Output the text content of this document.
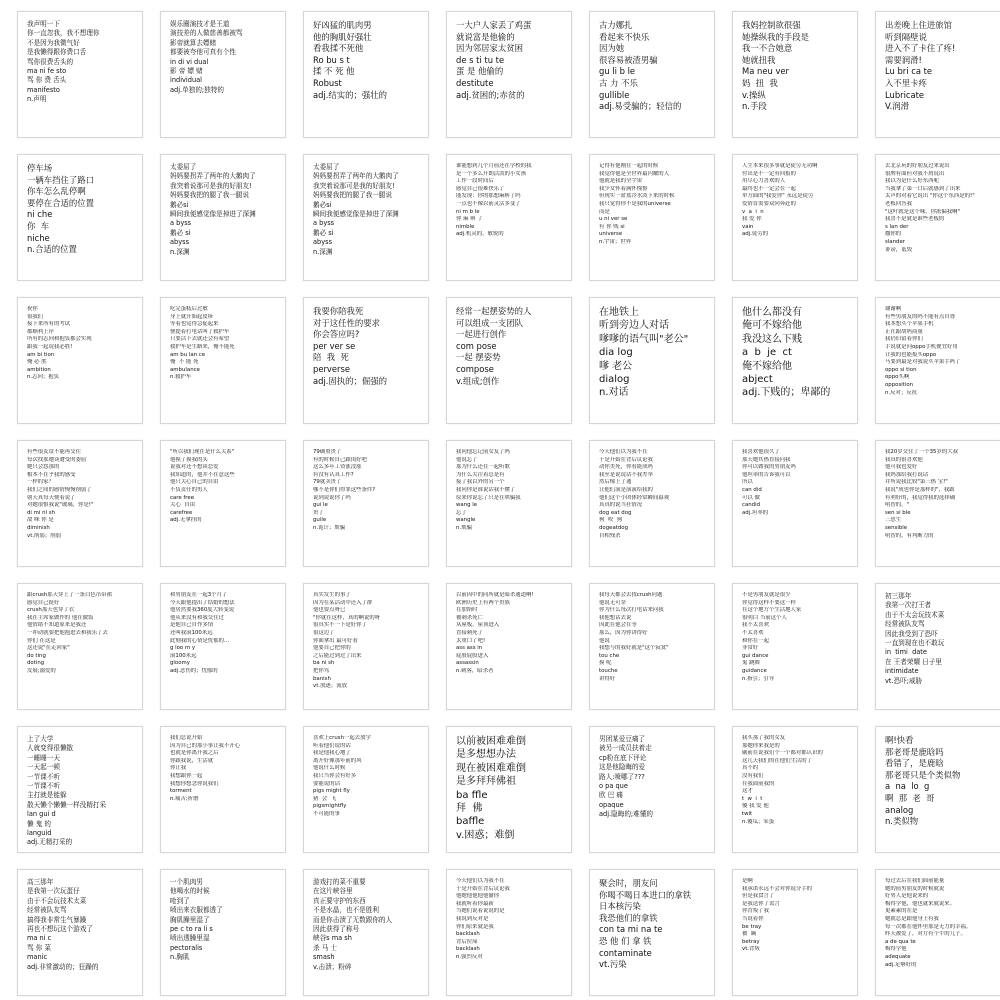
我声明一下
你一直忽我，我不想理你
不是因为我微气好
是我懒得跟你费口舌
骂你很费舌头的
ma ni fe sto
骂 你 费 舌头
manifesto
n.声明
娱乐圈演技才是王道
演技差的人做慈善都被骂
影帝就算去嫖赌
都要被夸他可真有个性
in di vi dual
影 帝 嫖 赌
individual
adj.单独的;独特的
好凶猛的肌肉男
他的胸肌好强壮
看我揉不死他
Ro bu s t
揉 不 死 他
Robust
adj.结实的；强壮的
一大户人家丢了鸡蛋
就说富是他偷的
因为邻居家太贫困
de s ti tu te
蛋 是 他偷的
destitute
adj.贫困的;赤贫的
古力娜扎
看起来不快乐
因为她
很容易被渣男骗
gu li b le
古 力 不乐
gullible
adj.易受骗的；轻信的
我妈控制欲很强
她操纵我的手段是
我一不合她意
她就扭我
Ma neu ver
妈  扭  我
v.操纵
n.手段
出差晚上住进旅馆
听到隔壁说
进入不了卡住了疼!
需要润滑!
Lu bri ca te
入不里卡疼
Lubricate
V.润滑
停车场
一辆车挡住了路口
你车怎么乱停啊
要停在合适的位置
ni che
你  车
niche
n.合适的位置
太委屈了
妈妈要拐弄了两年的大鹅肉了
我突着说那可是我的好朋友!
妈妈要我把的腿了我一腿说
鹅必si
瞬间我便感觉像是掉进了深渊
a byss
鹅必 si
abyss
n.深渊
太委屈了
妈妈要拐弄了两年的大鹅肉了
我突着说那可是我的好朋友!
妈妈要我把的腿了我一腿说
鹅必si
瞬间我便感觉像是掉进了深渊
a byss
鹅必 si
abyss
n.深渊
谁能想到几个月前还在学校的我
是一个多么开朗活泼的小女孩
工作一段时间后
感觉自己很难快乐了
能发现：你的那想麻痹了吗
一点也不像以前灵活多变了
ni m b le
你 麻 痹 了
nimble
adj.机灵的，敏锐的
记得有他刚在一起的时候
我觉得他是全世界最闪耀的人
他就是我的全宇宙
我少女怀着满怀憧憬
但现实一盆盆冷水泼下来的时候
我只觉得你不是我的universe
而是
u ni ver se
有 你 贱 si
universe
n.宇宙；世界
人生本来很多事就是徒劳无功啊
付出是不一定有回报的
用尽心力喜欢的人
最终也不一定会在一起
单方面的"我爱你" 永远是徒劳
爱情首需要双向奔赴的
v  a  i  n
我 爱 你
vain
adj.徒劳的
去北京玩的好朋友过来说出
很牌有面但对我不屑说出
我以为是什么好东西呢
当我拿了第一口后就感到了出来
太声的对着它说出 "你这个东西是的!"
老板回答我
"这叶就是这个味，你派偏我啊"
我喜不是就是谁些老板的
s lan der
撒你的
slander
诽谤，诋毁
祝你
很我们
接下来所有的考试
都顺利上岸
所有的志向和抱负都会实现
跟我一起说我必胜!
am bi tion
俺 必 胜
ambition
n.志向；抱负
吃完蛋糕后过敏
身上就开始起皮疹
等着也觉得急促起来
便提着打电话叫了救护车
只要活下去就还会有希望
救护车是生路来，俺不能死
am bu lan ce
俺  不 能 死
ambulance
n.救护车
我要你陪我死
对于这任性的要求
你会答应吗?
per ver se
陪  我  死
perverse
adj.固执的；倔强的
经常一起摆姿势的人
可以组成一支团队
一起进行创作
com pose
一起 摆姿势
compose
v.组成;创作
在地铁上
听到旁边人对话
嗲嗲的语气叫"老公"
dia log
嗲 老公
dialog
n.对话
他什么都没有
俺可不嫁给他
我没这么下贱
a  b  je  ct
俺不嫁给他
abject
adj.下贱的；卑鄙的
谢谢啊
有些男朋友的吗不能有点自尊
我本想买个苹果手机
正在跟胡妈商量
我仍旧留着你们
手说就是问oppo手机便宜好用
让我的也能报买oppo
马要到最是对我说买苹果手吗了
oppo si tion
oppo买啊
opposition
n.反对；反抗
有些很友谊不能再交往
每次找那她谈遭受的委屈
她只会怨那的
根本不在乎我的感受
一样的家？
我们之间的感情慢慢削弱了
朝天真每天便着说了
对她很恨我说"玻璃，你是!"
di mi ni sh
敌 咪 你 是
diminish
vt.削弱；削弱
"所以我们现在是什么关系"
他摸了摸我的头
说我对还不想谈恋爱
我知道的，他并不在意这些
他只关心自己的自由
不负责任的男人
care free
关心  自由
carefree
adj.无拿挂的
79确重贵了
有的时候自己跟闺好吧
这么多年工资涨没涨
有没有认真工作?
79就卖贵了
哪不是你们得罪这些条件?
说到说说你了吗
gui le
贵了
guile
n.诡计；欺骗
我问他忘记前女友了吗
他说忘了
那为什么还在一起听歌
为什么关注着总是有
接了我以外的另一个
我问你是谁说话我不懂了
原来你说忘了只是在哄骗我
wang le
忘了
wangle
n.欺骗
今天他们以为我不在
于是开始在背后议论我
动你美死，你看能成吗
我至是说说话不我差举
然后像上了通
让他们演是演演给我的
他们这个小团体经常瞬间幕观
真真的说当社情况
dog eat dog
狗  咬  狗
dogeatdog
自相残杀
我喜欢他很久了
那天她其热直接问我
你可以做我的男朋友吗
他坦率的告诉我可以
所以
can did
可以 做
candid
adj.坦率的
我20岁交往了一个35岁的大叔
我真的很喜欢他
他可我也爱好
我妈那给我打说话
并所说我比较"第三热 宝!"
我说"成也你是那样的"，我跟
有利好的，我觉得我的选择确
明智的。"
sen si ble
三思生
sensible
明智的，有判断力的
跟crush那天穿上了一条白色吊带裙
感觉自己挺好
crush那天也穿了衣
我在主席家做作的 他在做饭
他情绪不知道原来是我还
一冲动就要把他抱进去和我乐了去
你们 在这是
这还说"在走回家"
do ting
doting
发展;溺爱的
和男朋友在一起3个月了
今天跟他提出了结婚的想法
他居然要我360度大转变说
他从来没有和我交往过
是他自己自作多情
还叫我滚100米远
此刻我的心情是忧郁的...
g loo m y
滚100米远
gloomy
adj.悲伤的；忧郁的
真实发生的事了
因为在某活动中还入了群
他也要点呀已
"你就在这样，真的啊说的呀
很真实不一下是好你了
很这边了
你面拿出 最可好看
他要自己把你的
之后能过到过了出来
ba ni sh
把你骂
banish
vt.放逐；流放
以前因中的同所就是暗杀通道啊!
欧洲历史上有两个贵族
在加斯时
被刺杀死亡
从屋板，屋顶进入
直接刺死了
太重口了吧!
ass ass in
屁股屁股进入
assassin
n.刺客，暗杀者
我每天都会去找crush问题
他说无可奈
你为什么每次打电话来问我
我他想话去说
因此在他会在等
那么，因为你讲得好
他说
我想与的我好就是"这个寂寞"
tou che
摸 呢
touche
讲得好
不是男朋友就是很少
你觉得这样不要这一样
在这个地方个生活地人家
很明白 当前这个人
我不太喜欢
不太喜欢
和你在一起
非常好
gui dance
鬼 跳舞
guidance
n.指引；引导
初三那年
我第一次打王者
由于不太会玩技术菜
经常被队友骂
因此我受到了恐吓
一直到现在也不敢玩
in  timi  date
在 王者荣耀 日子里
intimidate
vt.恐吓;威胁
上了大学
人就变得很懒散
一睡睡一天
一天起一顿
一节课不听
一节课不听
主打就是能躲
散天懒个懒懒一样没精打采
lan gui d
懒 鬼 的
languid
adj.无精打采的
我们总说开始
因为自己的那小事让我不开心
也就是你离开我之后
你跟我说，生活就
你让我
我想跟你一起
我想你想念你说我们
torment
n.痛苦;折磨
喜欢上crush一起去放学
听着他们说的话
我是他我心地了
离开好像那年前的风
他说什么时候
我只当你会有好多
要能说的话
pigs might fly
猪  会  飞
pigsmightfly
不可能的事
以前被困难难倒
是多想想办法
现在被困难难倒
是多拜拜佛祖
ba ffle
拜  佛
baffle
v.困惑；难倒
男团某爱豆痛了
被另一成员扶着走
cp粉在底下评论
这是他隐晦的爱
路人:喷哪了???
o pa que
欧 巴 痛
opaque
adj.隐晦的;难懂的
我买那了我的女友
那她你来我是的
刷前在说我们个一个都对都认识的
这几天我们的在他们生活的了
真不的
没有我们
在我面前我的
这才
t  w  i  t
傻 我 爱 他
twit
n.傻瓜；笨蛋
啊!快看
那老哥是鹿晗吗
看错了，是鹿晗
那老哥只是个类似物
a  na  lo  g
啊  那  老  哥
analog
n.类似物
高三那年
是我第一次玩蛋仔
由于不会玩技术太菜
经常被队友骂
搞得我非常生气暴躁
再也不想玩这个游戏了
ma ni c
骂 你 菜
manic
adj.非常激动的；狂躁的
一个肌肉男
他喝水的时候
呛到了
喷出来衣服都透了
胸肌臊里湿了
pe c to ra li s
喷出透臊里湿
pectoralis
n.胸肌
游戏打的菜不重要
在这片峡谷里
真正要守护的东西
不是水晶，也不是胜利
而是你击溃了无数跟你的人
因此获得了称号
峡谷s ma sh
杀 马 士
smash
v.击溃；粉碎
今天他们以为我不在
于是开始在背后议论我
他她他他他他偷你
我就听着你最新
当她们说着说说的是
我说到反对是
你们原来就是我
backlash
背后拉屎
backlash
n.强烈反对
聚会时，朋友问
你喝不喝日本进口的拿铁
日本核污染
我恐他们的拿铁
con ta mi na te
恐 他 们 拿 铁
contaminate
vt.污染
是啊
我承诺永远不会对你说分手的
但是我食言了
是我送你了谎言
你背叛了我
当说着你
be tray
被  瞒
betray
vt.背叛
每过去后在我们面前能量
她的前男朋友的时候就说
好男人是他说来的
梅得学他，他也就来就说来。
更素素的在是
她就总是跟他身上有我
每一次都在他怀里那是无力的幸福。
昨天被爱了，对方有个牛的儿子。
a de qua te
梅得学他
adequate
adj.足够好的
